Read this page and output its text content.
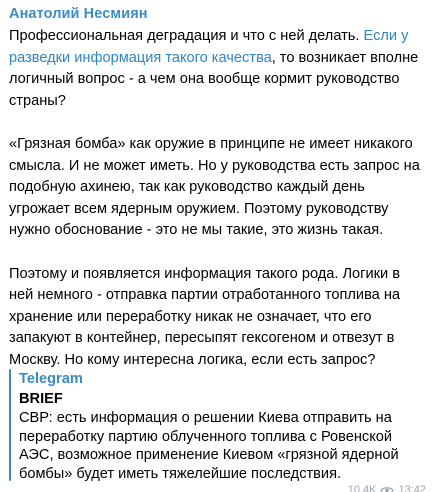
Анатолий Несмиян

Профессиональная деградация и что с ней делать. Если у разведки информация такого качества, то возникает вполне логичный вопрос - а чем она вообще кормит руководство страны?

«Грязная бомба» как оружие в принципе не имеет никакого смысла. И не может иметь. Но у руководства есть запрос на подобную ахинею, так как руководство каждый день угрожает всем ядерным оружием. Поэтому руководству нужно обоснование - это не мы такие, это жизнь такая.

Поэтому и появляется информация такого рода. Логики в ней немного - отправка партии отработанного топлива на хранение или переработку никак не означает, что его запакуют в контейнер, пересыпят гексогеном и отвезут в Москву. Но кому интересна логика, если есть запрос?

Telegram
BRIEF

СВР: есть информация о решении Киева отправить на переработку партию облученного топлива с Ровенской АЭС, возможное применение Киевом «грязной ядерной бомбы» будет иметь тяжелейшие последствия.

10.4K 13:42
